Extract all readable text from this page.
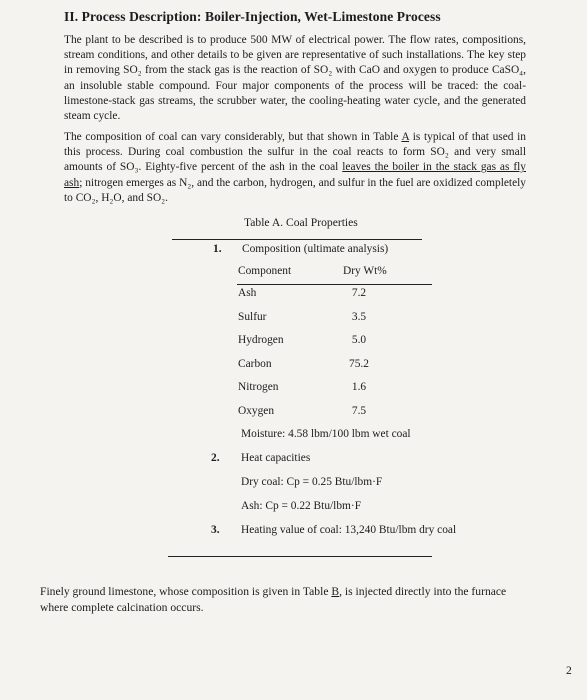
II. Process Description: Boiler-Injection, Wet-Limestone Process
The plant to be described is to produce 500 MW of electrical power. The flow rates, compositions, stream conditions, and other details to be given are representative of such installations. The key step in removing SO₂ from the stack gas is the reaction of SO₂ with CaO and oxygen to produce CaSO₄, an insoluble stable compound. Four major components of the process will be traced: the coal-limestone-stack gas streams, the scrubber water, the cooling-heating water cycle, and the generated steam cycle.
The composition of coal can vary considerably, but that shown in Table A is typical of that used in this process. During coal combustion the sulfur in the coal reacts to form SO₂ and very small amounts of SO₃. Eighty-five percent of the ash in the coal leaves the boiler in the stack gas as fly ash; nitrogen emerges as N₂, and the carbon, hydrogen, and sulfur in the fuel are oxidized completely to CO₂, H₂O, and SO₂.
Table A. Coal Properties
1. Composition (ultimate analysis)
Component	Dry Wt%
Ash	7.2
Sulfur	3.5
Hydrogen	5.0
Carbon	75.2
Nitrogen	1.6
Oxygen	7.5
Moisture: 4.58 lbm/100 lbm wet coal
2. Heat capacities
Dry coal: Cp = 0.25 Btu/lbm·F
Ash: Cp = 0.22 Btu/lbm·F
3. Heating value of coal: 13,240 Btu/lbm dry coal
Finely ground limestone, whose composition is given in Table B, is injected directly into the furnace where complete calcination occurs.
2
